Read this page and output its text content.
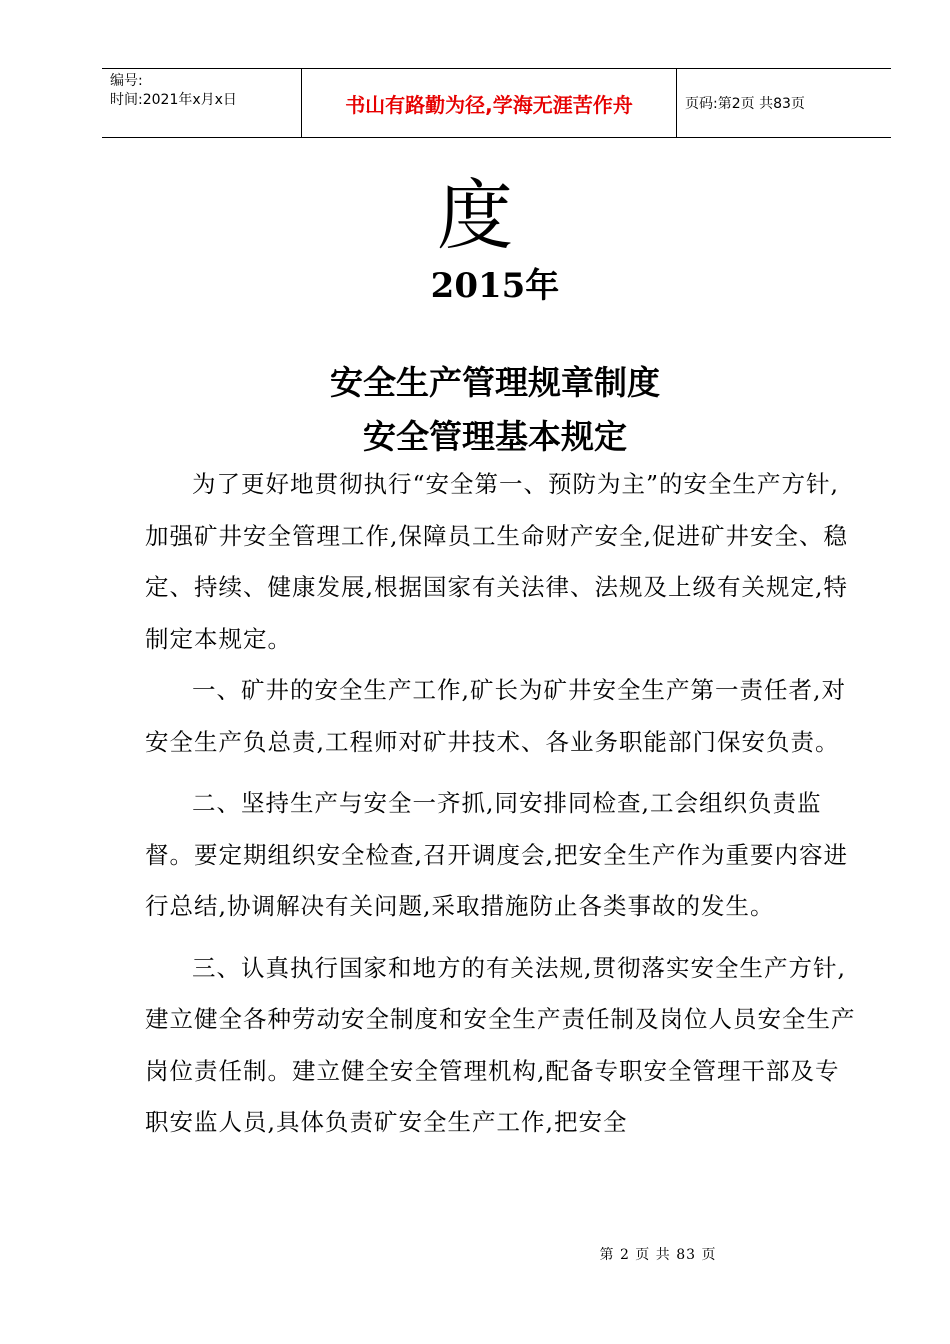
编号:
时间:2021年x月x日	书山有路勤为径,学海无涯苦作舟	页码:第2页 共83页
度
2015年
安全生产管理规章制度
安全管理基本规定

为了更好地贯彻执行“安全第一、预防为主”的安全生产方针,加强矿井安全管理工作,保障员工生命财产安全,促进矿井安全、稳定、持续、健康发展,根据国家有关法律、法规及上级有关规定,特制定本规定。

一、矿井的安全生产工作,矿长为矿井安全生产第一责任者,对安全生产负总责,工程师对矿井技术、各业务职能部门保安负责。

二、坚持生产与安全一齐抓,同安排同检查,工会组织负责监督。要定期组织安全检查,召开调度会,把安全生产作为重要内容进行总结,协调解决有关问题,采取措施防止各类事故的发生。

三、认真执行国家和地方的有关法规,贯彻落实安全生产方针,建立健全各种劳动安全制度和安全生产责任制及岗位人员安全生产岗位责任制。建立健全安全管理机构,配备专职安全管理干部及专职安监人员,具体负责矿安全生产工作,把安全

第 2 页 共 83 页
